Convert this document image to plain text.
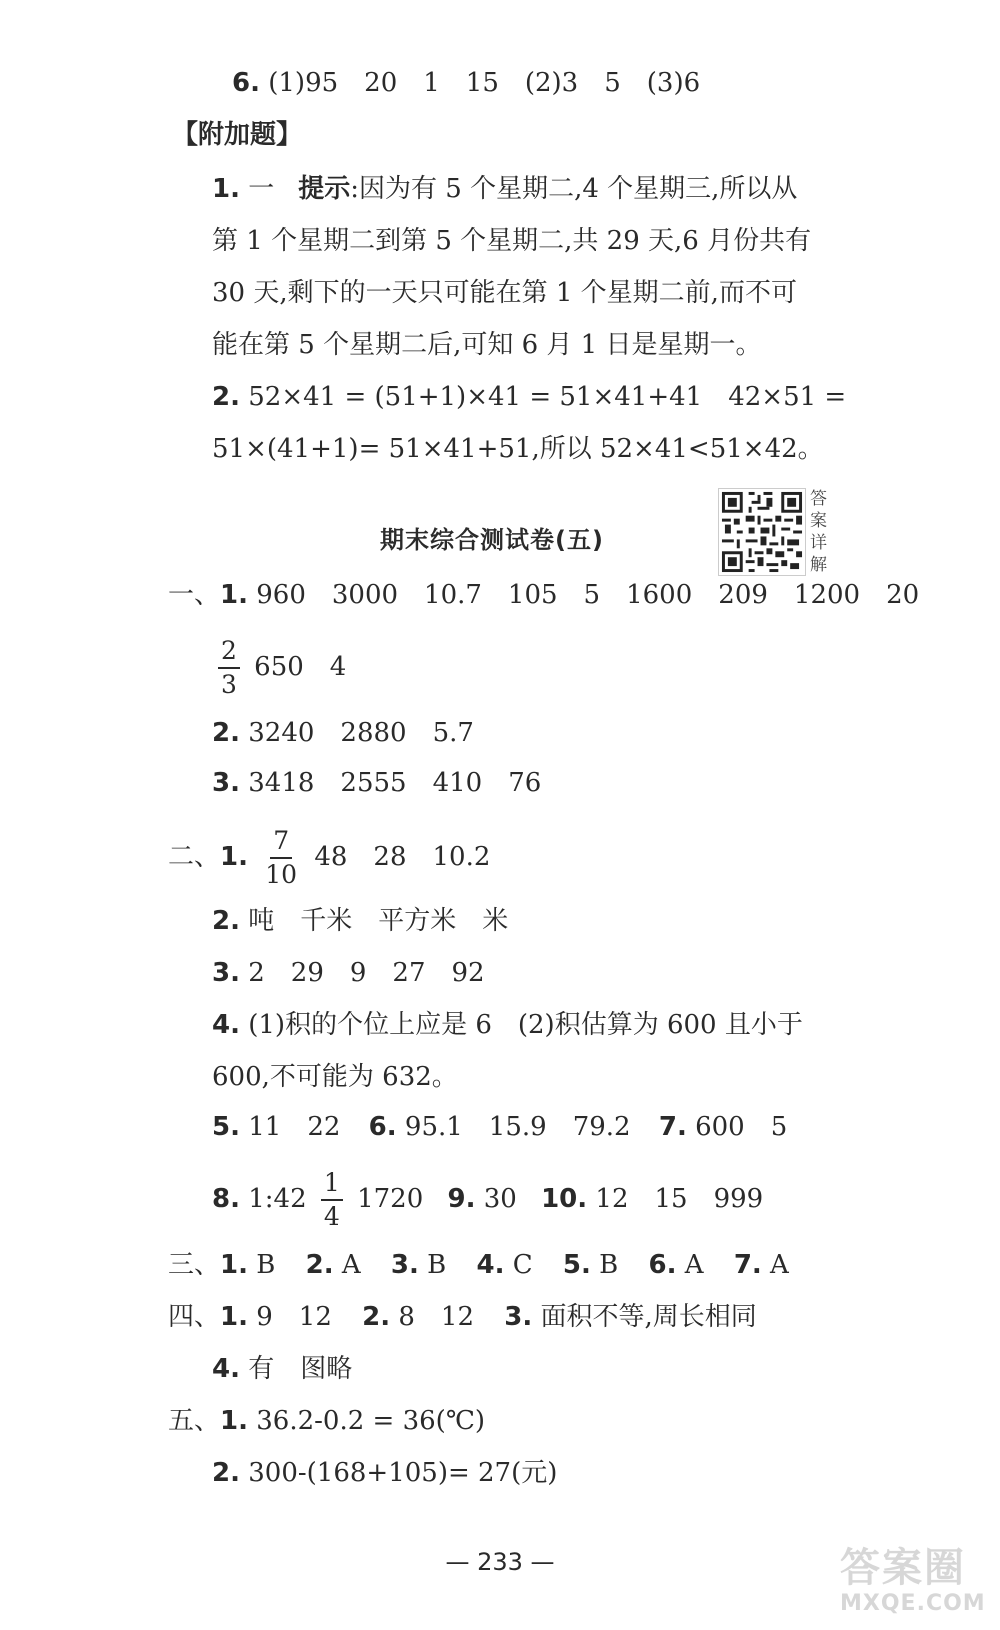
6. (1)95　20　1　15　(2)3　5　(3)6
【附加题】
1. 一 提示:因为有 5 个星期二,4 个星期三,所以从
第 1 个星期二到第 5 个星期二,共 29 天,6 月份共有
30 天,剩下的一天只可能在第 1 个星期二前,而不可
能在第 5 个星期二后,可知 6 月 1 日是星期一。
2. 52×41 = (51+1)×41 = 51×41+41　42×51 =
51×(41+1)= 51×41+51,所以 52×41<51×42。
期末综合测试卷(五)
答
案
详
解
一、1. 960　3000　10.7　105　5　1600　209　1200　20
$\frac{2}{3} 650$　4
2. 3240　2880　5.7
3. 3418　2555　410　76
二、1. $\frac{7}{10} 48$　28　10.2
2. 吨　千米　平方米　米
3. 2　29　9　27　92
4. (1)积的个位上应是 6　(2)积估算为 600 且小于
600,不可能为 632。
5. 11　22 6. 95.1　15.9　79.2 7. 600　5
8. 1:42 $\frac{1}{4} 1720$ 9. 30 10. 12　15　999
三、1. B 2. A 3. B 4. C 5. B 6. A 7. A
四、1. 9　12 2. 8　12 3. 面积不等,周长相同
4. 有　图略
五、1. 36.2-0.2 = 36(℃)
2. 300-(168+105)= 27(元)
— 233 —	答案圈
MXQE.COM
